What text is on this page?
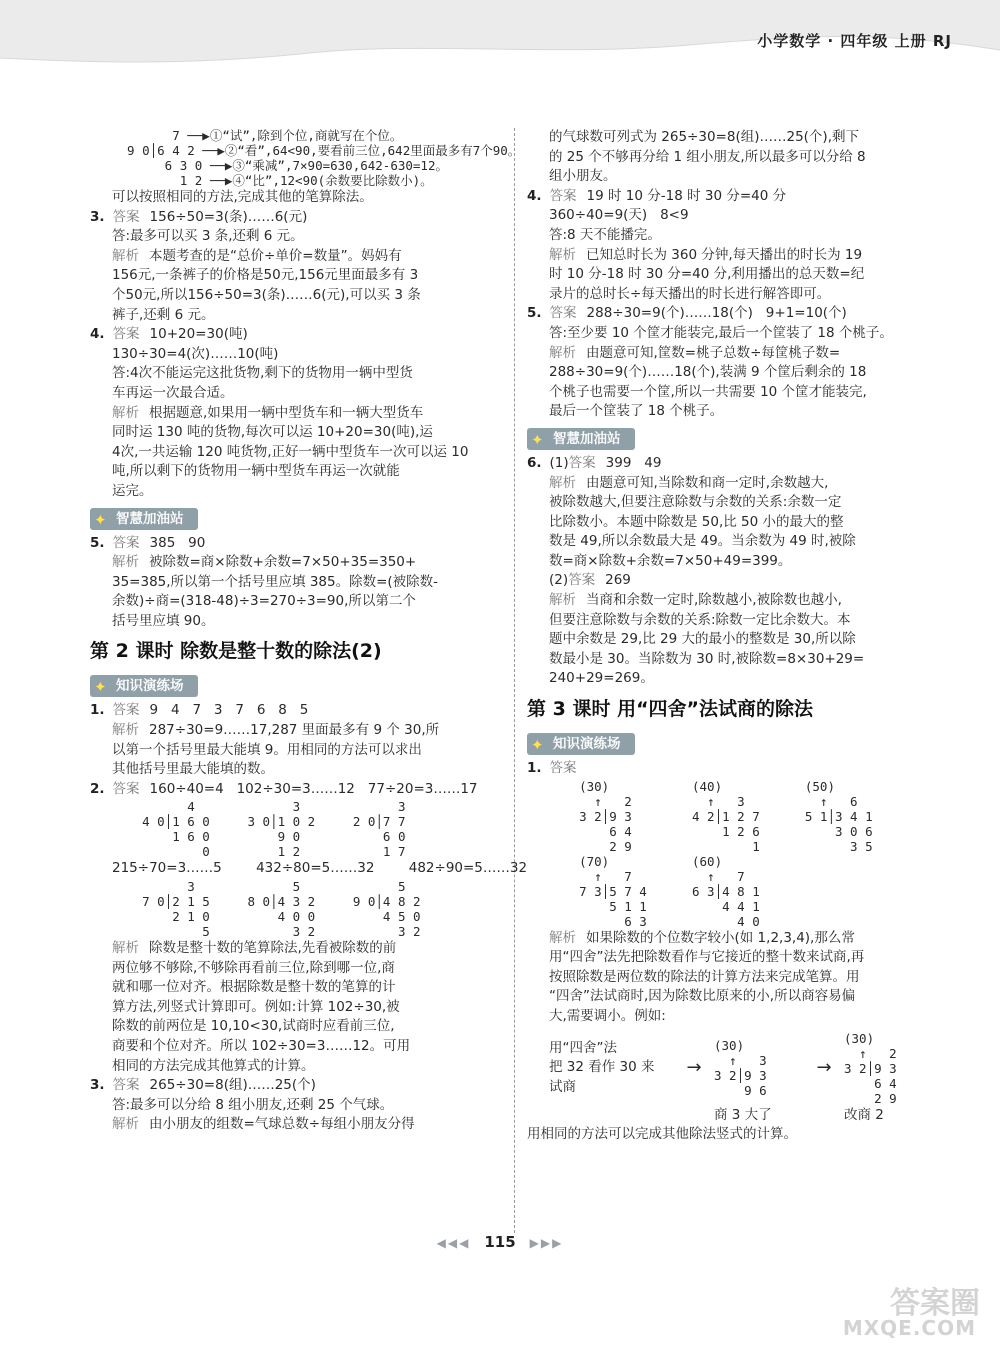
小学数学 · 四年级 上册 RJ
7 ──▶①“试”,除到个位,商就写在个位。
9 0│6 4 2 ──▶②“看”,64<90,要看前三位,642里面最多有7个90。
6 3 0 ──▶③“乘减”,7×90=630,642-630=12。
1 2 ──▶④“比”,12<90(余数要比除数小)。
可以按照相同的方法,完成其他的笔算除法。
3. 答案 156÷50=3(条)……6(元)
答:最多可以买 3 条,还剩 6 元。
解析 本题考查的是“总价÷单价=数量”。妈妈有
156元,一条裤子的价格是50元,156元里面最多有 3
个50元,所以156÷50=3(条)……6(元),可以买 3 条
裤子,还剩 6 元。
4. 答案 10+20=30(吨)
130÷30=4(次)……10(吨)
答:4次不能运完这批货物,剩下的货物用一辆中型货
车再运一次最合适。
解析 根据题意,如果用一辆中型货车和一辆大型货车
同时运 130 吨的货物,每次可以运 10+20=30(吨),运
4次,一共运输 120 吨货物,正好一辆中型货车一次可以运 10
吨,所以剩下的货物用一辆中型货车再运一次就能
运完。
✦ 智慧加油站
5. 答案 385   90
解析 被除数=商×除数+余数=7×50+35=350+
35=385,所以第一个括号里应填 385。除数=(被除数-
余数)÷商=(318-48)÷3=270÷3=90,所以第二个
括号里应填 90。
第 2 课时 除数是整十数的除法(2)
✦ 知识演练场
1. 答案 9   4   7   3   7   6   8   5
解析 287÷30=9……17,287 里面最多有 9 个 30,所
以第一个括号里最大能填 9。用相同的方法可以求出
其他括号里最大能填的数。
2. 答案 160÷40=4   102÷30=3……12   77÷20=3……17
4             3             3
4 0│1 6 0     3 0│1 0 2     2 0│7 7
1 6 0         9 0           6 0
0         1 2           1 7
215÷70=3……5        432÷80=5……32        482÷90=5……32
3             5             5
7 0│2 1 5     8 0│4 3 2     9 0│4 8 2
2 1 0         4 0 0         4 5 0
5           3 2           3 2
解析 除数是整十数的笔算除法,先看被除数的前
两位够不够除,不够除再看前三位,除到哪一位,商
就和哪一位对齐。根据除数是整十数的笔算的计
算方法,列竖式计算即可。例如:计算 102÷30,被
除数的前两位是 10,10<30,试商时应看前三位,
商要和个位对齐。所以 102÷30=3……12。可用
相同的方法完成其他算式的计算。
3. 答案 265÷30=8(组)……25(个)
答:最多可以分给 8 组小朋友,还剩 25 个气球。
解析 由小朋友的组数=气球总数÷每组小朋友分得
的气球数可列式为 265÷30=8(组)……25(个),剩下
的 25 个不够再分给 1 组小朋友,所以最多可以分给 8
组小朋友。
4. 答案 19 时 10 分-18 时 30 分=40 分
360÷40=9(天)   8<9
答:8 天不能播完。
解析 已知总时长为 360 分钟,每天播出的时长为 19
时 10 分-18 时 30 分=40 分,利用播出的总天数=纪
录片的总时长÷每天播出的时长进行解答即可。
5. 答案 288÷30=9(个)……18(个)   9+1=10(个)
答:至少要 10 个筐才能装完,最后一个筐装了 18 个桃子。
解析 由题意可知,筐数=桃子总数÷每筐桃子数=
288÷30=9(个)……18(个),装满 9 个筐后剩余的 18
个桃子也需要一个筐,所以一共需要 10 个筐才能装完,
最后一个筐装了 18 个桃子。
✦ 智慧加油站
6. (1)答案 399   49
解析 由题意可知,当除数和商一定时,余数越大,
被除数越大,但要注意除数与余数的关系:余数一定
比除数小。本题中除数是 50,比 50 小的最大的整
数是 49,所以余数最大是 49。当余数为 49 时,被除
数=商×除数+余数=7×50+49=399。
(2)答案 269
解析 当商和余数一定时,除数越小,被除数也越小,
但要注意除数与余数的关系:除数一定比余数大。本
题中余数是 29,比 29 大的最小的整数是 30,所以除
数最小是 30。当除数为 30 时,被除数=8×30+29=
240+29=269。
第 3 课时 用“四舍”法试商的除法
✦ 知识演练场
1. 答案
(30)           (40)           (50)
↑   2          ↑   3          ↑   6
3 2│9 3        4 2│1 2 7      5 1│3 4 1
6 4            1 2 6          3 0 6
2 9                1            3 5
(70)           (60)
↑   7          ↑   7
7 3│5 7 4      6 3│4 8 1
5 1 1          4 4 1
6 3            4 0
解析 如果除数的个位数字较小(如 1,2,3,4),那么常
用“四舍”法先把除数看作与它接近的整十数来试商,再
按照除数是两位数的除法的计算方法来完成笔算。用
“四舍”法试商时,因为除数比原来的小,所以商容易偏
大,需要调小。例如:
用“四舍”法
把 32 看作 30 来
试商
→
(30)
↑   3
3 2│9 3
9 6
→
(30)
↑   2
3 2│9 3
6 4
2 9
商 3 大了	改商 2
用相同的方法可以完成其他除法竖式的计算。
◀◀◀ 115 ▶▶▶
答案圈
MXQE.COM
